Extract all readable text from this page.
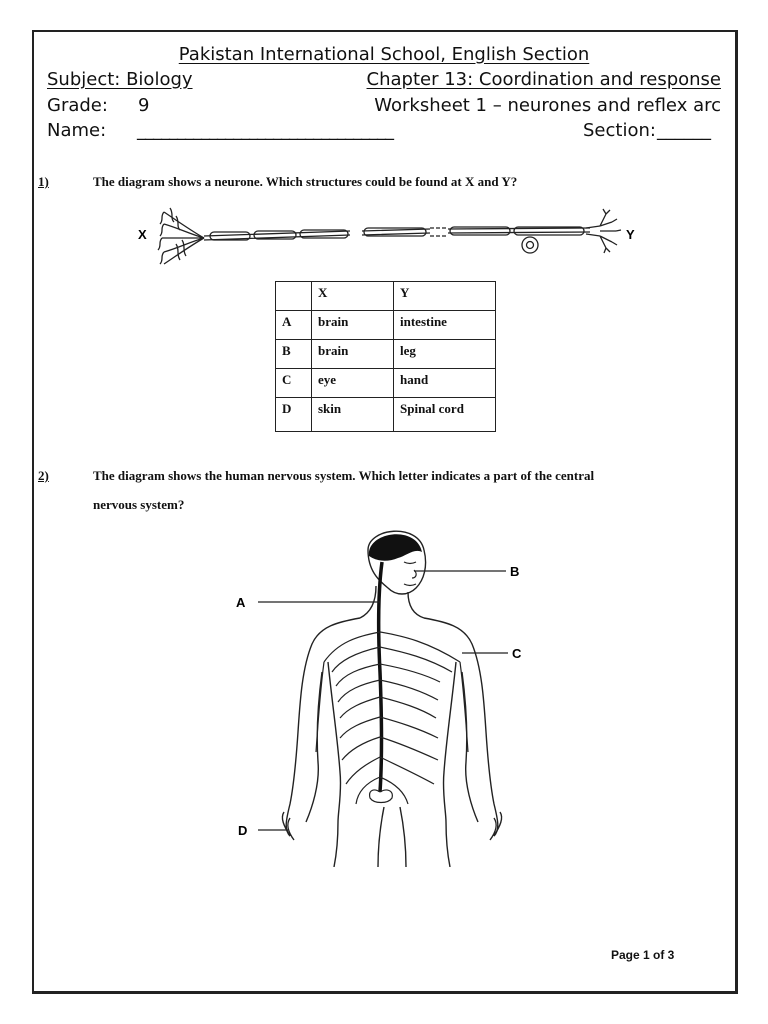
Pakistan International School, English Section
Subject: Biology	Chapter 13: Coordination and response
Grade: 9	Worksheet 1 – neurones and reflex arc
Name: ________________________________	Section: ______
1)	The diagram shows a neurone. Which structures could be found at X and Y?
X	Y
	X	Y
A	brain	intestine
B	brain	leg
C	eye	hand
D	skin	Spinal cord
2)	The diagram shows the human nervous system. Which letter indicates a part of the central
nervous system?
A
B
C
D
Page 1 of 3
